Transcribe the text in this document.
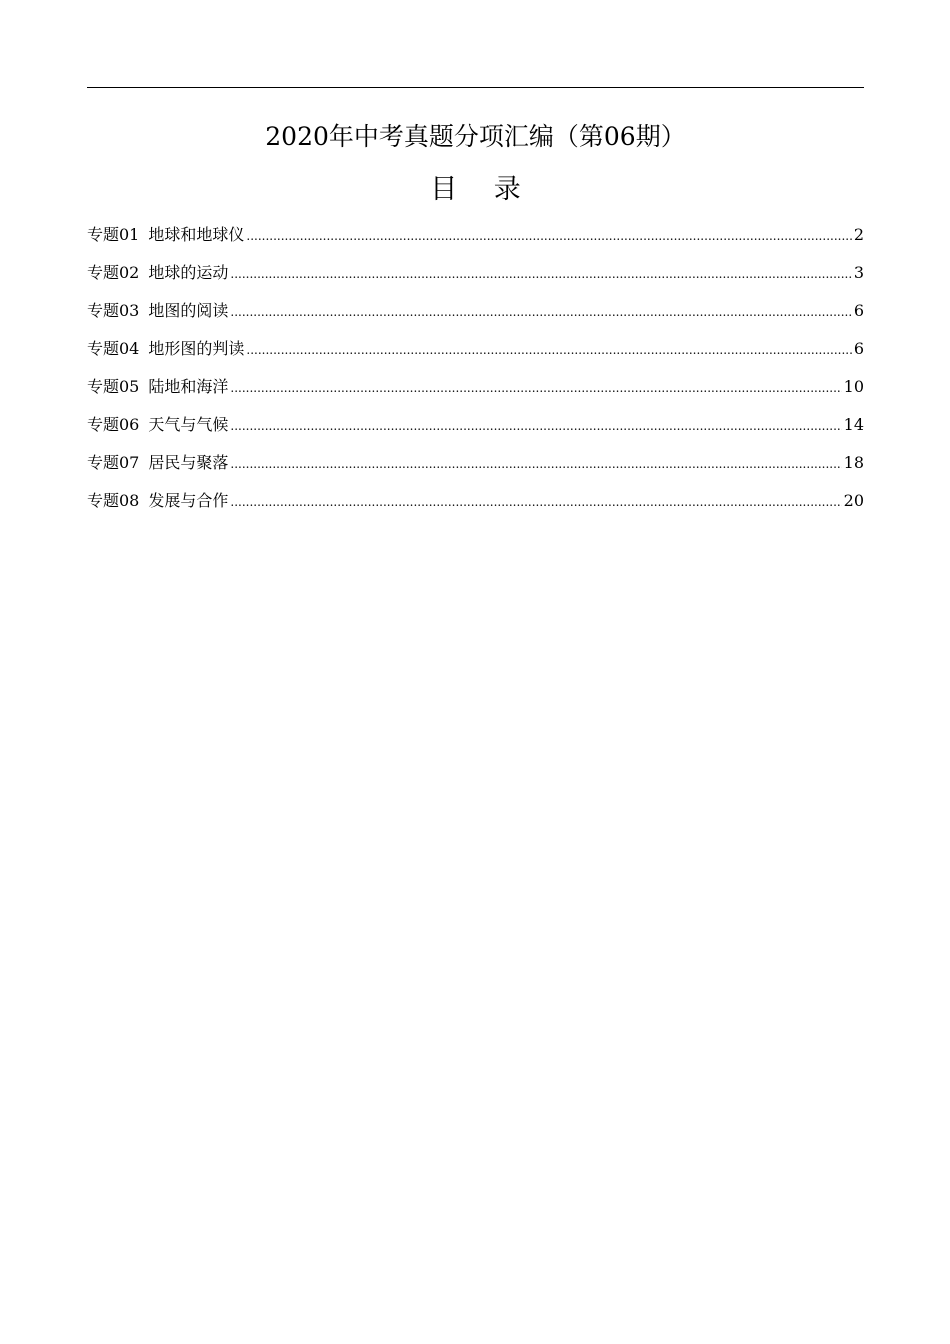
2020年中考真题分项汇编（第06期）
目 录
专题01 地球和地球仪 .....	2
专题02 地球的运动 .....	3
专题03 地图的阅读 .....	6
专题04 地形图的判读 .....	6
专题05 陆地和海洋 .....	10
专题06 天气与气候 .....	14
专题07 居民与聚落 .....	18
专题08 发展与合作 .....	20
